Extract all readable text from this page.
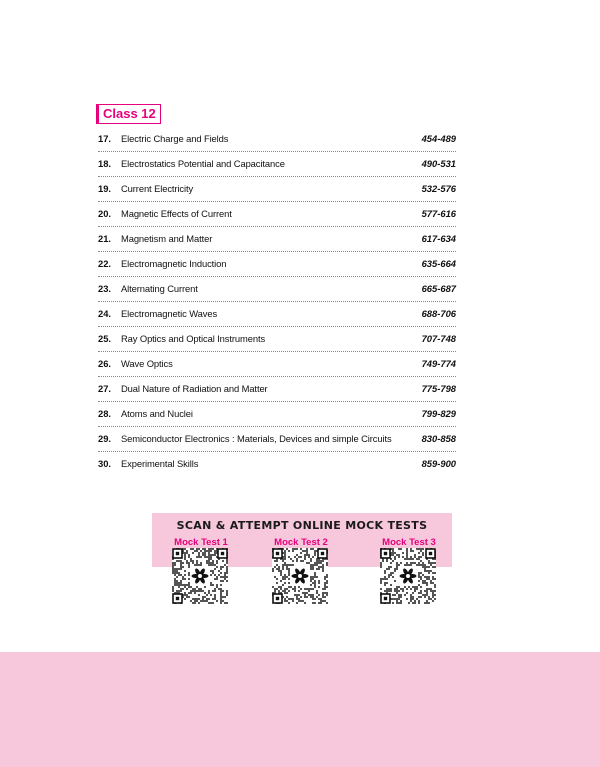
Class 12
17.	Electric Charge and Fields	454-489
18.	Electrostatics Potential and Capacitance	490-531
19.	Current Electricity	532-576
20.	Magnetic Effects of Current	577-616
21.	Magnetism and Matter	617-634
22.	Electromagnetic Induction	635-664
23.	Alternating Current	665-687
24.	Electromagnetic Waves	688-706
25.	Ray Optics and Optical Instruments	707-748
26.	Wave Optics	749-774
27.	Dual Nature of Radiation and Matter	775-798
28.	Atoms and Nuclei	799-829
29.	Semiconductor Electronics : Materials, Devices and simple Circuits	830-858
30.	Experimental Skills	859-900
SCAN & ATTEMPT ONLINE MOCK TESTS
Mock Test 1	Mock Test 2	Mock Test 3
